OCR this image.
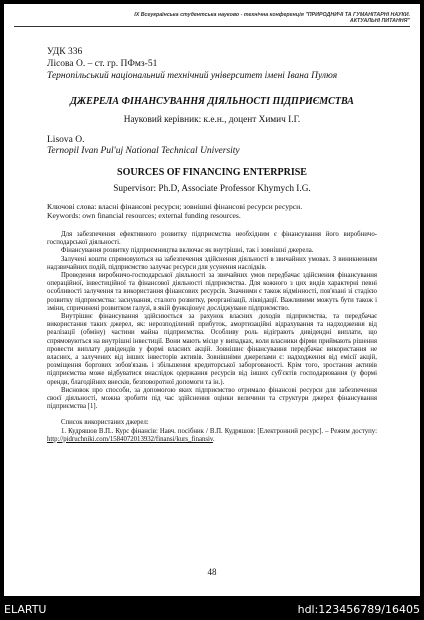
IX Всеукраїнська студентська науково - технічна конференція "ПРИРОДНИЧІ ТА ГУМАНІТАРНІ НАУКИ.
АКТУАЛЬНІ ПИТАННЯ"
УДК 336
Лісова О. – ст. гр. ПФмз-51
Тернопільський національний технічний університет імені Івана Пулюя
ДЖЕРЕЛА ФІНАНСУВАННЯ ДІЯЛЬНОСТІ ПІДПРИЄМСТВА
Науковий керівник: к.е.н., доцент Химич І.Г.
Lisova O.
Ternopil Ivan Pul'uj National Technical University
SOURCES OF FINANCING ENTERPRISE
Supervisor: Ph.D, Associate Professor Khymych I.G.
Ключові слова: власні фінансові ресурси; зовнішні фінансові ресурси ресурси.
Keywords: own financial resources; external funding resources.

Для забезпечення ефективного розвитку підприємства необхідним є фінансування його виробничо-господарської діяльності.

Фінансування розвитку підприємництва включає як внутрішні, так і зовнішні джерела.

Залучені кошти спрямовуються на забезпечення здійснення діяльності в звичайних умовах. З виникненням надзвичайних подій, підприємство залучає ресурси для усунення наслідків.

Проведення виробничо-господарської діяльності за звичайних умов передбачає здійснення фінансування операційної, інвестиційної та фінансової діяльності підприємства. Для кожного з цих видів характерні певні особливості залучення та використання фінансових ресурсів. Значними є також відмінності, пов'язані зі стадією розвитку підприємства: заснування, сталого розвитку, реорганізації, ліквідації. Важливими можуть бути також і зміни, спричинені розвитком галузі, в якій функціонує досліджуване підприємство.

Внутрішнє фінансування здійснюється за рахунок власних доходів підприємства, та передбачає використання таких джерел, як: нерозподілений прибуток, амортизаційні відрахування та надходження від реалізації (обміну) частини майна підприємства. Особливу роль відіграють дивідендні виплати, що спрямовуються на внутрішні інвестиції. Вони мають місце у випадках, коли власники фірми приймають рішення провести виплату дивідендів у формі власних акцій. Зовнішнє фінансування передбачає використання не власних, а залучених від інших інвесторів активів. Зовнішніми джерелами є: надходження від емісії акцій, розміщення боргових зобов'язань і збільшення кредиторської заборгованості. Крім того, зростання активів підприємства може відбуватися внаслідок одержання ресурсів від інших суб'єктів господарювання (у формі оренди, благодійних внесків, безповоротної допомоги та ін.).

Висновок про способи, за допомогою яких підприємство отримало фінансові ресурси для забезпечення своєї діяльності, можна зробити під час здійснення оцінки величини та структури джерел фінансування підприємства [1].

Список використаних джерел:

1. Кудряшов В.П.. Курс фінансів: Навч. посібник / В.П. Кудряшов: [Електронний ресурс]. – Режим доступу: http://pidruchniki.com/1584072013932/finansi/kurs_finansiv.

48
ELARTU	hdl:123456789/16405
